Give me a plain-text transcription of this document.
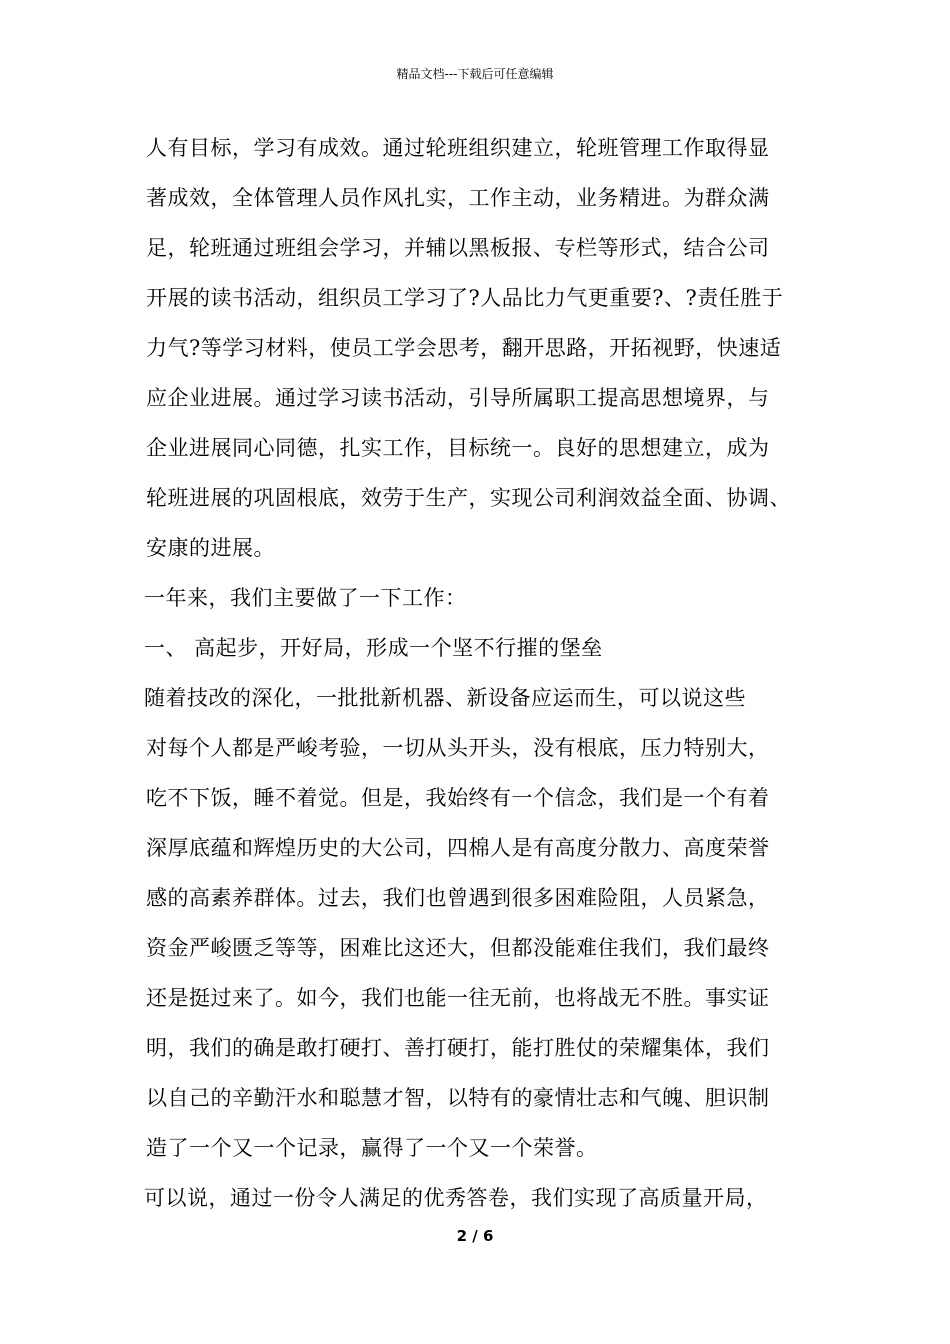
精品文档---下载后可任意编辑
人有目标，学习有成效。通过轮班组织建立，轮班管理工作取得显
著成效，全体管理人员作风扎实，工作主动，业务精进。为群众满
足，轮班通过班组会学习，并辅以黑板报、专栏等形式，结合公司
开展的读书活动，组织员工学习了?人品比力气更重要?、?责任胜于
力气?等学习材料，使员工学会思考，翻开思路，开拓视野，快速适
应企业进展。通过学习读书活动，引导所属职工提高思想境界，与
企业进展同心同德，扎实工作，目标统一。良好的思想建立，成为
轮班进展的巩固根底，效劳于生产，实现公司利润效益全面、协调、
安康的进展。
一年来，我们主要做了一下工作：
一、 高起步，开好局，形成一个坚不行摧的堡垒
随着技改的深化，一批批新机器、新设备应运而生，可以说这些
对每个人都是严峻考验，一切从头开头，没有根底，压力特别大，
吃不下饭，睡不着觉。但是，我始终有一个信念，我们是一个有着
深厚底蕴和辉煌历史的大公司，四棉人是有高度分散力、高度荣誉
感的高素养群体。过去，我们也曾遇到很多困难险阻，人员紧急，
资金严峻匮乏等等，困难比这还大，但都没能难住我们，我们最终
还是挺过来了。如今，我们也能一往无前，也将战无不胜。事实证
明，我们的确是敢打硬打、善打硬打，能打胜仗的荣耀集体，我们
以自己的辛勤汗水和聪慧才智，以特有的豪情壮志和气魄、胆识制
造了一个又一个记录，赢得了一个又一个荣誉。
可以说，通过一份令人满足的优秀答卷，我们实现了高质量开局，
2 / 6
